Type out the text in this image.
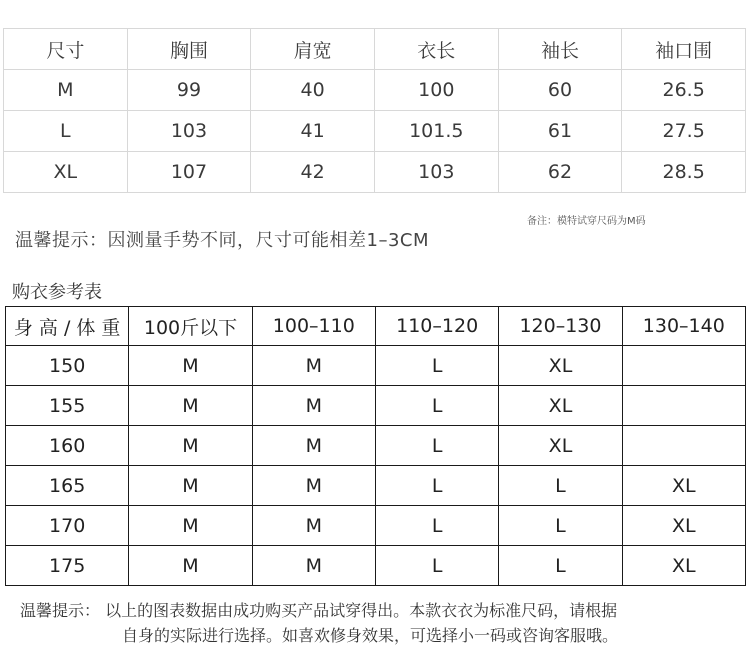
尺寸	胸围	肩宽	衣长	袖长	袖口围
M	99	40	100	60	26.5
L	103	41	101.5	61	27.5
XL	107	42	103	62	28.5
备注：模特试穿尺码为M码
温馨提示：因测量手势不同，尺寸可能相差1–3CM
购衣参考表
身 高 / 体 重	100斤以下	100–110	110–120	120–130	130–140
150	M	M	L	XL	
155	M	M	L	XL	
160	M	M	L	XL	
165	M	M	L	L	XL
170	M	M	L	L	XL
175	M	M	L	L	XL
温馨提示： 以上的图表数据由成功购买产品试穿得出。本款衣衣为标准尺码，请根据
自身的实际进行选择。如喜欢修身效果，可选择小一码或咨询客服哦。
